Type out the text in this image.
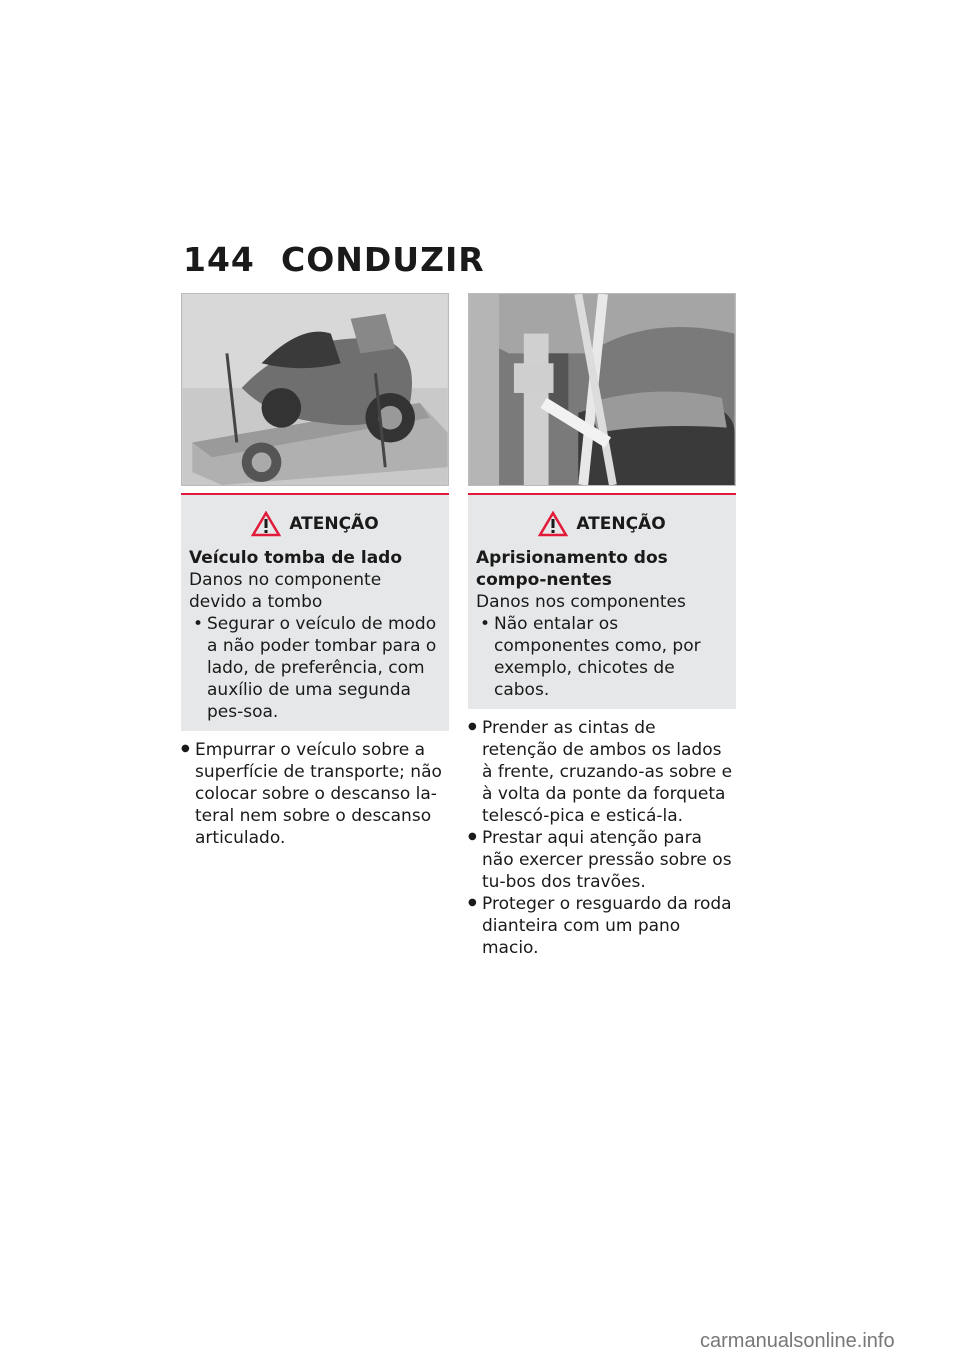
144 CONDUZIR
ATENÇÃO
Veículo tomba de lado
Danos no componente devido a tombo
• Segurar o veículo de modo a não poder tombar para o lado, de preferência, com auxílio de uma segunda pes-soa.
● Empurrar o veículo sobre a superfície de transporte; não colocar sobre o descanso la-teral nem sobre o descanso articulado.
ATENÇÃO
Aprisionamento dos compo-nentes
Danos nos componentes
• Não entalar os componentes como, por exemplo, chicotes de cabos.
● Prender as cintas de retenção de ambos os lados à frente, cruzando-as sobre e à volta da ponte da forqueta telescó-pica e esticá-la.
● Prestar aqui atenção para não exercer pressão sobre os tu-bos dos travões.
● Proteger o resguardo da roda dianteira com um pano macio.
carmanualsonline.info
